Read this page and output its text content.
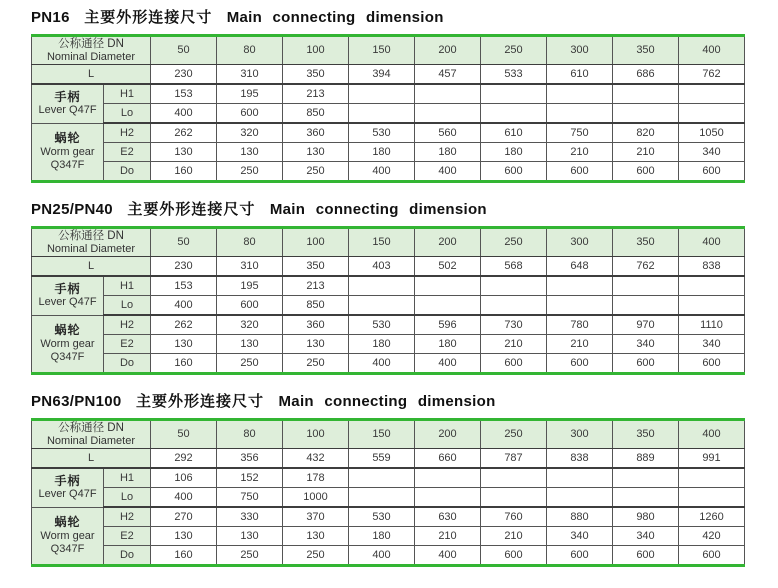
PN16 主要外形连接尺寸 Main connecting dimension
公称通径 DN
Nominal Diameter		50	80	100	150	200	250	300	350	400
L		230	310	350	394	457	533	610	686	762

手柄
Lever Q47F	H1	153	195	213						
	Lo	400	600	850						

蜗轮
Worm gear
Q347F	H2	262	320	360	530	560	610	750	820	1050
	E2	130	130	130	180	180	180	210	210	340
	Do	160	250	250	400	400	600	600	600	600
PN25/PN40 主要外形连接尺寸 Main connecting dimension
公称通径 DN
Nominal Diameter		50	80	100	150	200	250	300	350	400
L		230	310	350	403	502	568	648	762	838

手柄
Lever Q47F	H1	153	195	213						
	Lo	400	600	850						

蜗轮
Worm gear
Q347F	H2	262	320	360	530	596	730	780	970	1110
	E2	130	130	130	180	180	210	210	340	340
	Do	160	250	250	400	400	600	600	600	600
PN63/PN100 主要外形连接尺寸 Main connecting dimension
公称通径 DN
Nominal Diameter		50	80	100	150	200	250	300	350	400
L		292	356	432	559	660	787	838	889	991

手柄
Lever Q47F	H1	106	152	178						
	Lo	400	750	1000						

蜗轮
Worm gear
Q347F	H2	270	330	370	530	630	760	880	980	1260
	E2	130	130	130	180	210	210	340	340	420
	Do	160	250	250	400	400	600	600	600	600
